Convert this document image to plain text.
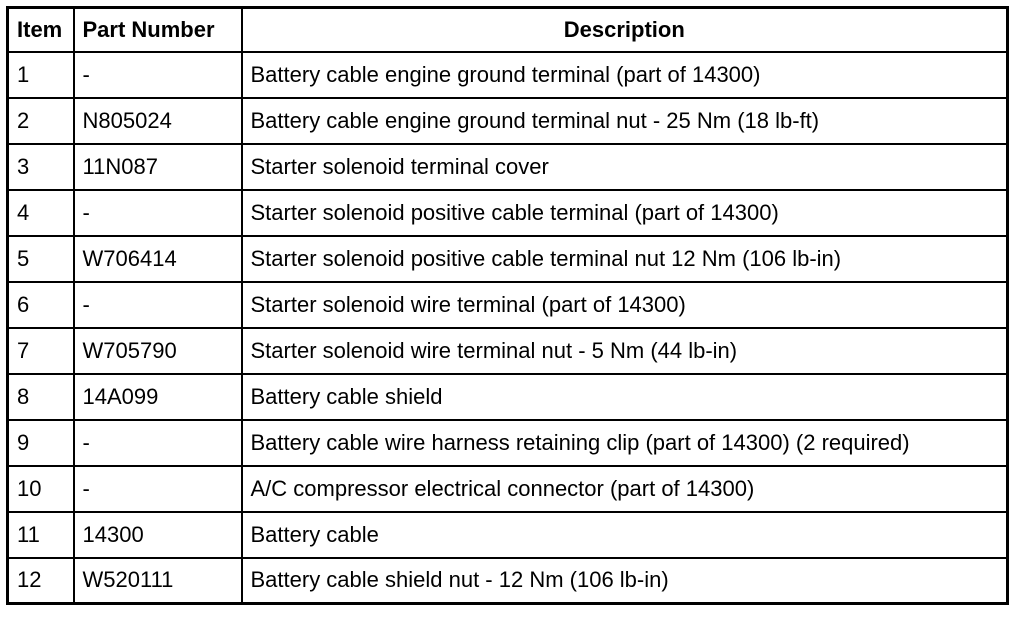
Item	Part Number	Description
1	-	Battery cable engine ground terminal (part of 14300)
2	N805024	Battery cable engine ground terminal nut - 25 Nm (18 lb-ft)
3	11N087	Starter solenoid terminal cover
4	-	Starter solenoid positive cable terminal (part of 14300)
5	W706414	Starter solenoid positive cable terminal nut 12 Nm (106 lb-in)
6	-	Starter solenoid wire terminal (part of 14300)
7	W705790	Starter solenoid wire terminal nut - 5 Nm (44 lb-in)
8	14A099	Battery cable shield
9	-	Battery cable wire harness retaining clip (part of 14300) (2 required)
10	-	A/C compressor electrical connector (part of 14300)
11	14300	Battery cable
12	W520111	Battery cable shield nut - 12 Nm (106 lb-in)
